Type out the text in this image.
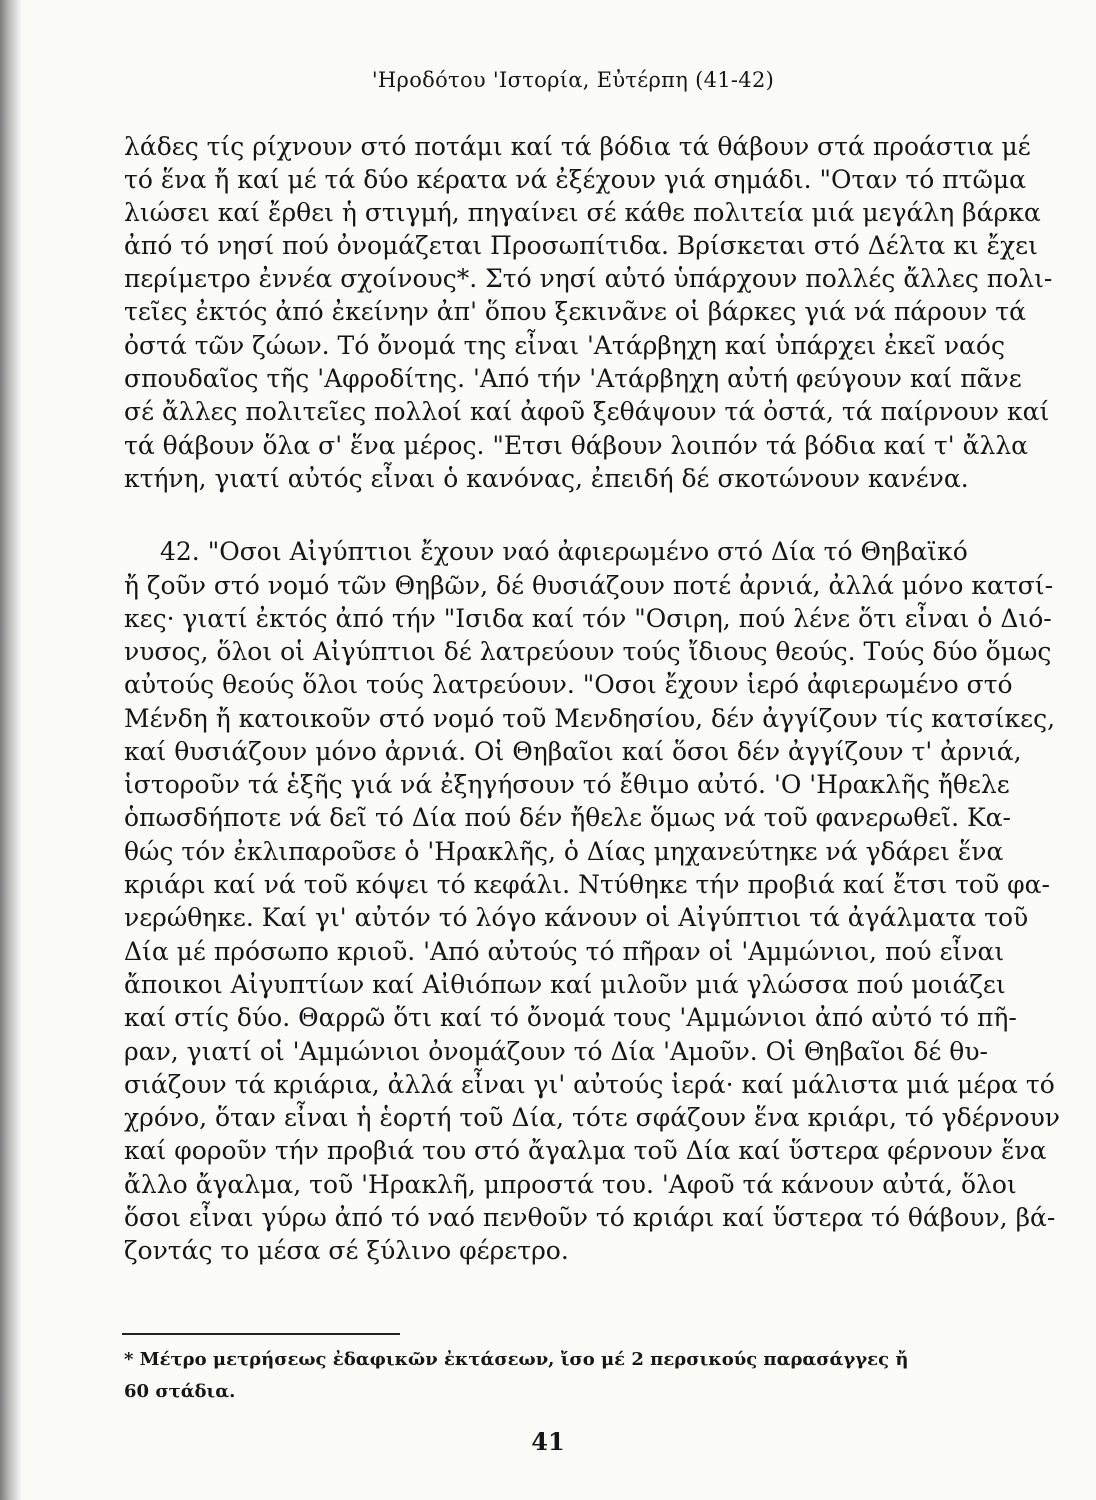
'Ηροδότου 'Ιστορία, Εὐτέρπη (41-42)
λάδες τίς ρίχνουν στό ποτάμι καί τά βόδια τά θάβουν στά προάστια μέ
τό ἕνα ἤ καί μέ τά δύο κέρατα νά ἐξέχουν γιά σημάδι. "Οταν τό πτῶμα
λιώσει καί ἔρθει ἡ στιγμή, πηγαίνει σέ κάθε πολιτεία μιά μεγάλη βάρκα
ἀπό τό νησί πού ὀνομάζεται Προσωπίτιδα. Βρίσκεται στό Δέλτα κι ἔχει
περίμετρο ἐννέα σχοίνους*. Στό νησί αὐτό ὑπάρχουν πολλές ἄλλες πολι-
τεῖες ἐκτός ἀπό ἐκείνην ἀπ' ὅπου ξεκινᾶνε οἱ βάρκες γιά νά πάρουν τά
ὀστά τῶν ζώων. Τό ὄνομά της εἶναι 'Ατάρβηχη καί ὑπάρχει ἐκεῖ ναός
σπουδαῖος τῆς 'Αφροδίτης. 'Από τήν 'Ατάρβηχη αὐτή φεύγουν καί πᾶνε
σέ ἄλλες πολιτεῖες πολλοί καί ἀφοῦ ξεθάψουν τά ὀστά, τά παίρνουν καί
τά θάβουν ὅλα σ' ἕνα μέρος. "Ετσι θάβουν λοιπόν τά βόδια καί τ' ἄλλα
κτήνη, γιατί αὐτός εἶναι ὁ κανόνας, ἐπειδή δέ σκοτώνουν κανένα.
42. "Οσοι Αἰγύπτιοι ἔχουν ναό ἀφιερωμένο στό Δία τό Θηβαϊκό
ἤ ζοῦν στό νομό τῶν Θηβῶν, δέ θυσιάζουν ποτέ ἀρνιά, ἀλλά μόνο κατσί-
κες· γιατί ἐκτός ἀπό τήν "Ισιδα καί τόν "Οσιρη, πού λένε ὅτι εἶναι ὁ Διό-
νυσος, ὅλοι οἱ Αἰγύπτιοι δέ λατρεύουν τούς ἴδιους θεούς. Τούς δύο ὅμως
αὐτούς θεούς ὅλοι τούς λατρεύουν. "Οσοι ἔχουν ἱερό ἀφιερωμένο στό
Μένδη ἤ κατοικοῦν στό νομό τοῦ Μενδησίου, δέν ἀγγίζουν τίς κατσίκες,
καί θυσιάζουν μόνο ἀρνιά. Οἱ Θηβαῖοι καί ὅσοι δέν ἀγγίζουν τ' ἀρνιά,
ἱστοροῦν τά ἑξῆς γιά νά ἐξηγήσουν τό ἔθιμο αὐτό. 'Ο 'Ηρακλῆς ἤθελε
ὁπωσδήποτε νά δεῖ τό Δία πού δέν ἤθελε ὅμως νά τοῦ φανερωθεῖ. Κα-
θώς τόν ἐκλιπαροῦσε ὁ 'Ηρακλῆς, ὁ Δίας μηχανεύτηκε νά γδάρει ἕνα
κριάρι καί νά τοῦ κόψει τό κεφάλι. Ντύθηκε τήν προβιά καί ἔτσι τοῦ φα-
νερώθηκε. Καί γι' αὐτόν τό λόγο κάνουν οἱ Αἰγύπτιοι τά ἀγάλματα τοῦ
Δία μέ πρόσωπο κριοῦ. 'Από αὐτούς τό πῆραν οἱ 'Αμμώνιοι, πού εἶναι
ἄποικοι Αἰγυπτίων καί Αἰθιόπων καί μιλοῦν μιά γλώσσα πού μοιάζει
καί στίς δύο. Θαρρῶ ὅτι καί τό ὄνομά τους 'Αμμώνιοι ἀπό αὐτό τό πῆ-
ραν, γιατί οἱ 'Αμμώνιοι ὀνομάζουν τό Δία 'Αμοῦν. Οἱ Θηβαῖοι δέ θυ-
σιάζουν τά κριάρια, ἀλλά εἶναι γι' αὐτούς ἱερά· καί μάλιστα μιά μέρα τό
χρόνο, ὅταν εἶναι ἡ ἑορτή τοῦ Δία, τότε σφάζουν ἕνα κριάρι, τό γδέρνουν
καί φοροῦν τήν προβιά του στό ἄγαλμα τοῦ Δία καί ὕστερα φέρνουν ἕνα
ἄλλο ἄγαλμα, τοῦ 'Ηρακλῆ, μπροστά του. 'Αφοῦ τά κάνουν αὐτά, ὅλοι
ὅσοι εἶναι γύρω ἀπό τό ναό πενθοῦν τό κριάρι καί ὕστερα τό θάβουν, βά-
ζοντάς το μέσα σέ ξύλινο φέρετρο.
* Μέτρο μετρήσεως ἐδαφικῶν ἐκτάσεων, ἴσο μέ 2 περσικούς παρασάγγες ἤ
60 στάδια.
41
